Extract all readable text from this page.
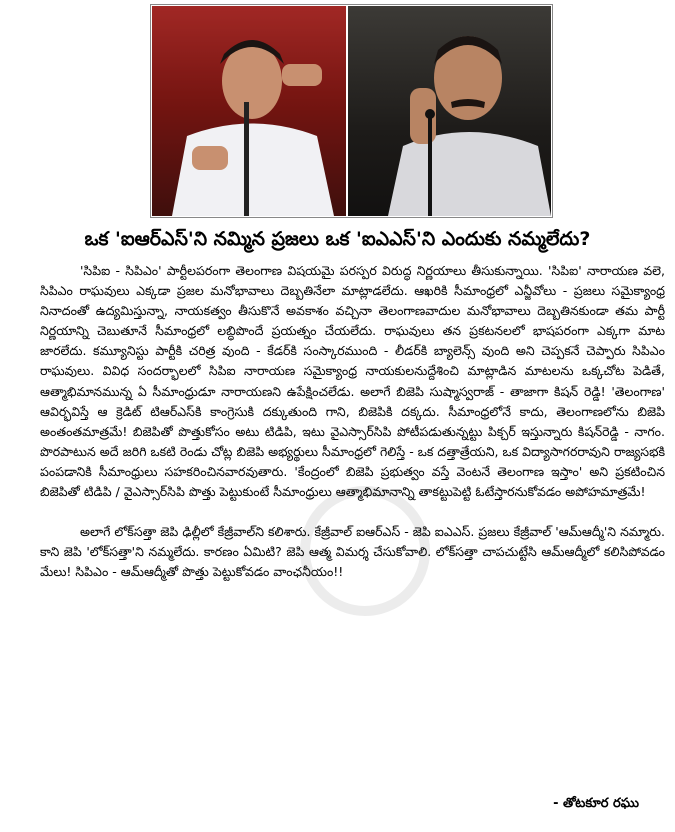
ఒక 'ఐఆర్ఎస్'ని నమ్మిన ప్రజలు ఒక 'ఐఎఎస్'ని ఎందుకు నమ్మలేదు?

'సిపిఐ - సిపిఎం' పార్టీలపరంగా తెలంగాణ విషయమై పరస్పర విరుద్ధ నిర్ణయాలు తీసుకున్నాయి. 'సిపిఐ' నారాయణ వలె, సిపిఎం రాఘవులు ఎక్కడా ప్రజల మనోభావాలు దెబ్బతినేలా మాట్లాడలేదు. ఆఖరికి సీమాంధ్రలో ఎన్జీవోలు - ప్రజలు సమైక్యాంధ్ర నినాదంతో ఉద్యమిస్తున్నా, నాయకత్వం తీసుకొనే అవకాశం వచ్చినా తెలంగాణవాదుల మనోభావాలు దెబ్బతినకుండా తమ పార్టీ నిర్ణయాన్ని చెబుతూనే సీమాంధ్రలో లబ్ధిపొందే ప్రయత్నం చేయలేదు. రాఘవులు తన ప్రకటనలలో భాషపరంగా ఎక్కగా మాట జారలేదు. కమ్యూనిస్టు పార్టీకి చరిత్ర వుంది - కేడర్‌కి సంస్కారముంది - లీడర్‌కి బ్యాలెన్స్ వుంది అని చెప్పకనే చెప్పారు సిపిఎం రాఘవులు. వివిధ సందర్భాలలో సిపిఐ నారాయణ సమైక్యాంధ్ర నాయకులనుద్దేశించి మాట్లాడిన మాటలను ఒక్కచోట పెడితే, ఆత్మాభిమానమున్న ఏ సీమాంధ్రుడూ నారాయణని ఉపేక్షించలేడు. అలాగే బిజెపి సుష్మాస్వరాజ్ - తాజాగా కిషన్ రెడ్డి! 'తెలంగాణ' ఆవిర్భవిస్తే ఆ క్రెడిట్ టిఆర్ఎస్‌కి కాంగ్రెసుకి దక్కుతుంది గాని, బిజెపికి దక్కదు. సీమాంధ్రలోనే కాదు, తెలంగాణలోను బిజెపి అంతంతమాత్రమే! బిజెపితో పొత్తుకోసం అటు టిడిపి, ఇటు వైఎస్సార్‌సిపి పోటీపడుతున్నట్టు పిక్చర్ ఇస్తున్నారు కిషన్‌రెడ్డి - నాగం. పొరపాటున అదే జరిగి ఒకటి రెండు చోట్ల బిజెపి అభ్యర్థులు సీమాంధ్రలో గెలిస్తే - ఒక దత్తాత్రేయని, ఒక విద్యాసాగరరావుని రాజ్యసభకి పంపడానికి సీమాంధ్రులు సహకరించినవారవుతారు. 'కేంద్రంలో బిజెపి ప్రభుత్వం వస్తే వెంటనే తెలంగాణ ఇస్తాం' అని ప్రకటించిన బిజెపితో టిడిపి / వైఎస్సార్‌సిపి పొత్తు పెట్టుకుంటే సీమాంధ్రులు ఆత్మాభిమానాన్ని తాకట్టుపెట్టి ఓటేస్తారనుకోవడం అపోహమాత్రమే!

అలాగే లోక్‌సత్తా జెపి ఢిల్లీలో కేజ్రీవాల్‌ని కలిశారు. కేజ్రీవాల్ ఐఆర్ఎస్ - జెపి ఐఎఎస్. ప్రజలు కేజ్రీవాల్ 'ఆమ్‌ఆద్మీ'ని నమ్మారు. కాని జెపి 'లోక్‌సత్తా'ని నమ్మలేదు. కారణం ఏమిటి? జెపి ఆత్మ విమర్శ చేసుకోవాలి. లోక్‌సత్తా చాపచుట్టేసి ఆమ్‌ఆద్మీలో కలిసిపోవడం మేలు! సిపిఎం - ఆమ్‌ఆద్మీతో పొత్తు పెట్టుకోవడం వాంఛనీయం!!

- తోటకూర రఘు
